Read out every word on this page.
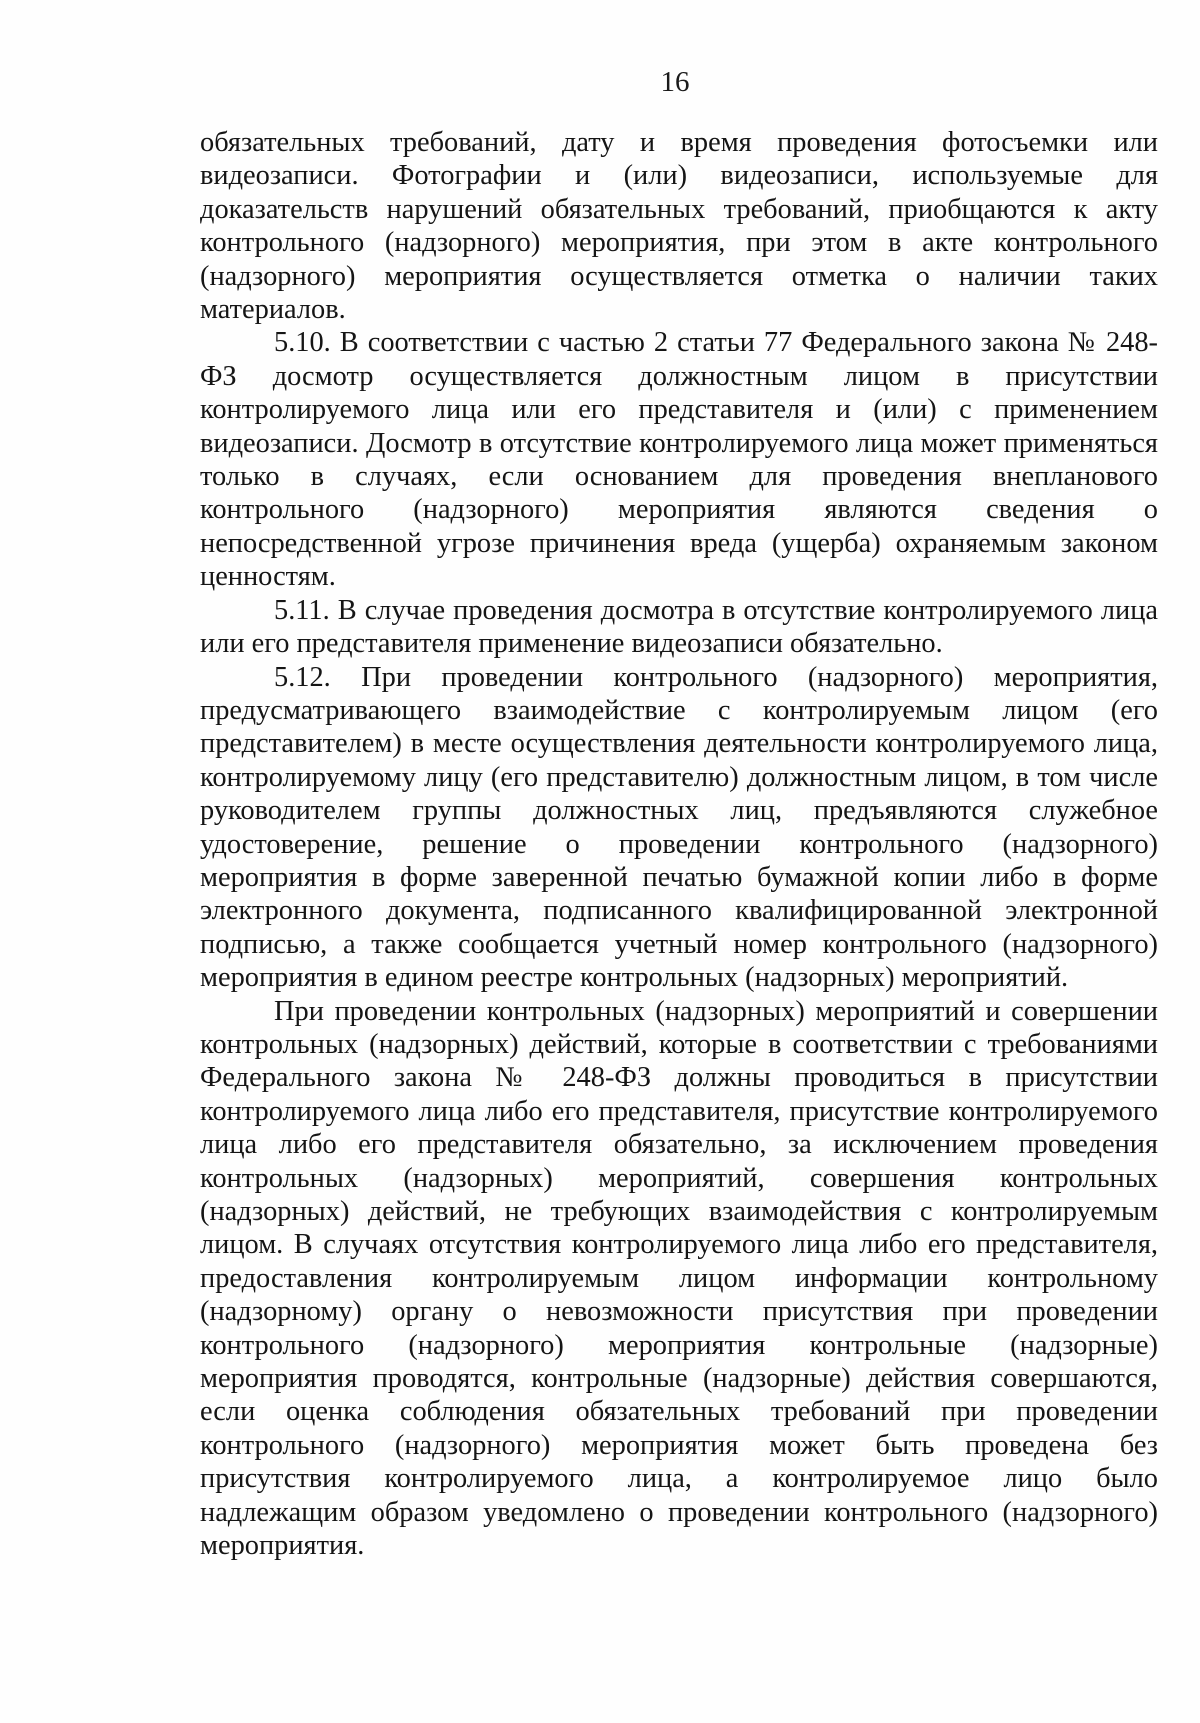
16

обязательных требований, дату и время проведения фотосъемки или видеозаписи. Фотографии и (или) видеозаписи, используемые для доказательств нарушений обязательных требований, приобщаются к акту контрольного (надзорного) мероприятия, при этом в акте контрольного (надзорного) мероприятия осуществляется отметка о наличии таких материалов.

5.10. В соответствии с частью 2 статьи 77 Федерального закона № 248-ФЗ досмотр осуществляется должностным лицом в присутствии контролируемого лица или его представителя и (или) с применением видеозаписи. Досмотр в отсутствие контролируемого лица может применяться только в случаях, если основанием для проведения внепланового контрольного (надзорного) мероприятия являются сведения о непосредственной угрозе причинения вреда (ущерба) охраняемым законом ценностям.

5.11. В случае проведения досмотра в отсутствие контролируемого лица или его представителя применение видеозаписи обязательно.

5.12. При проведении контрольного (надзорного) мероприятия, предусматривающего взаимодействие с контролируемым лицом (его представителем) в месте осуществления деятельности контролируемого лица, контролируемому лицу (его представителю) должностным лицом, в том числе руководителем группы должностных лиц, предъявляются служебное удостоверение, решение о проведении контрольного (надзорного) мероприятия в форме заверенной печатью бумажной копии либо в форме электронного документа, подписанного квалифицированной электронной подписью, а также сообщается учетный номер контрольного (надзорного) мероприятия в едином реестре контрольных (надзорных) мероприятий.

При проведении контрольных (надзорных) мероприятий и совершении контрольных (надзорных) действий, которые в соответствии с требованиями Федерального закона № 248-ФЗ должны проводиться в присутствии контролируемого лица либо его представителя, присутствие контролируемого лица либо его представителя обязательно, за исключением проведения контрольных (надзорных) мероприятий, совершения контрольных (надзорных) действий, не требующих взаимодействия с контролируемым лицом. В случаях отсутствия контролируемого лица либо его представителя, предоставления контролируемым лицом информации контрольному (надзорному) органу о невозможности присутствия при проведении контрольного (надзорного) мероприятия контрольные (надзорные) мероприятия проводятся, контрольные (надзорные) действия совершаются, если оценка соблюдения обязательных требований при проведении контрольного (надзорного) мероприятия может быть проведена без присутствия контролируемого лица, а контролируемое лицо было надлежащим образом уведомлено о проведении контрольного (надзорного) мероприятия.
